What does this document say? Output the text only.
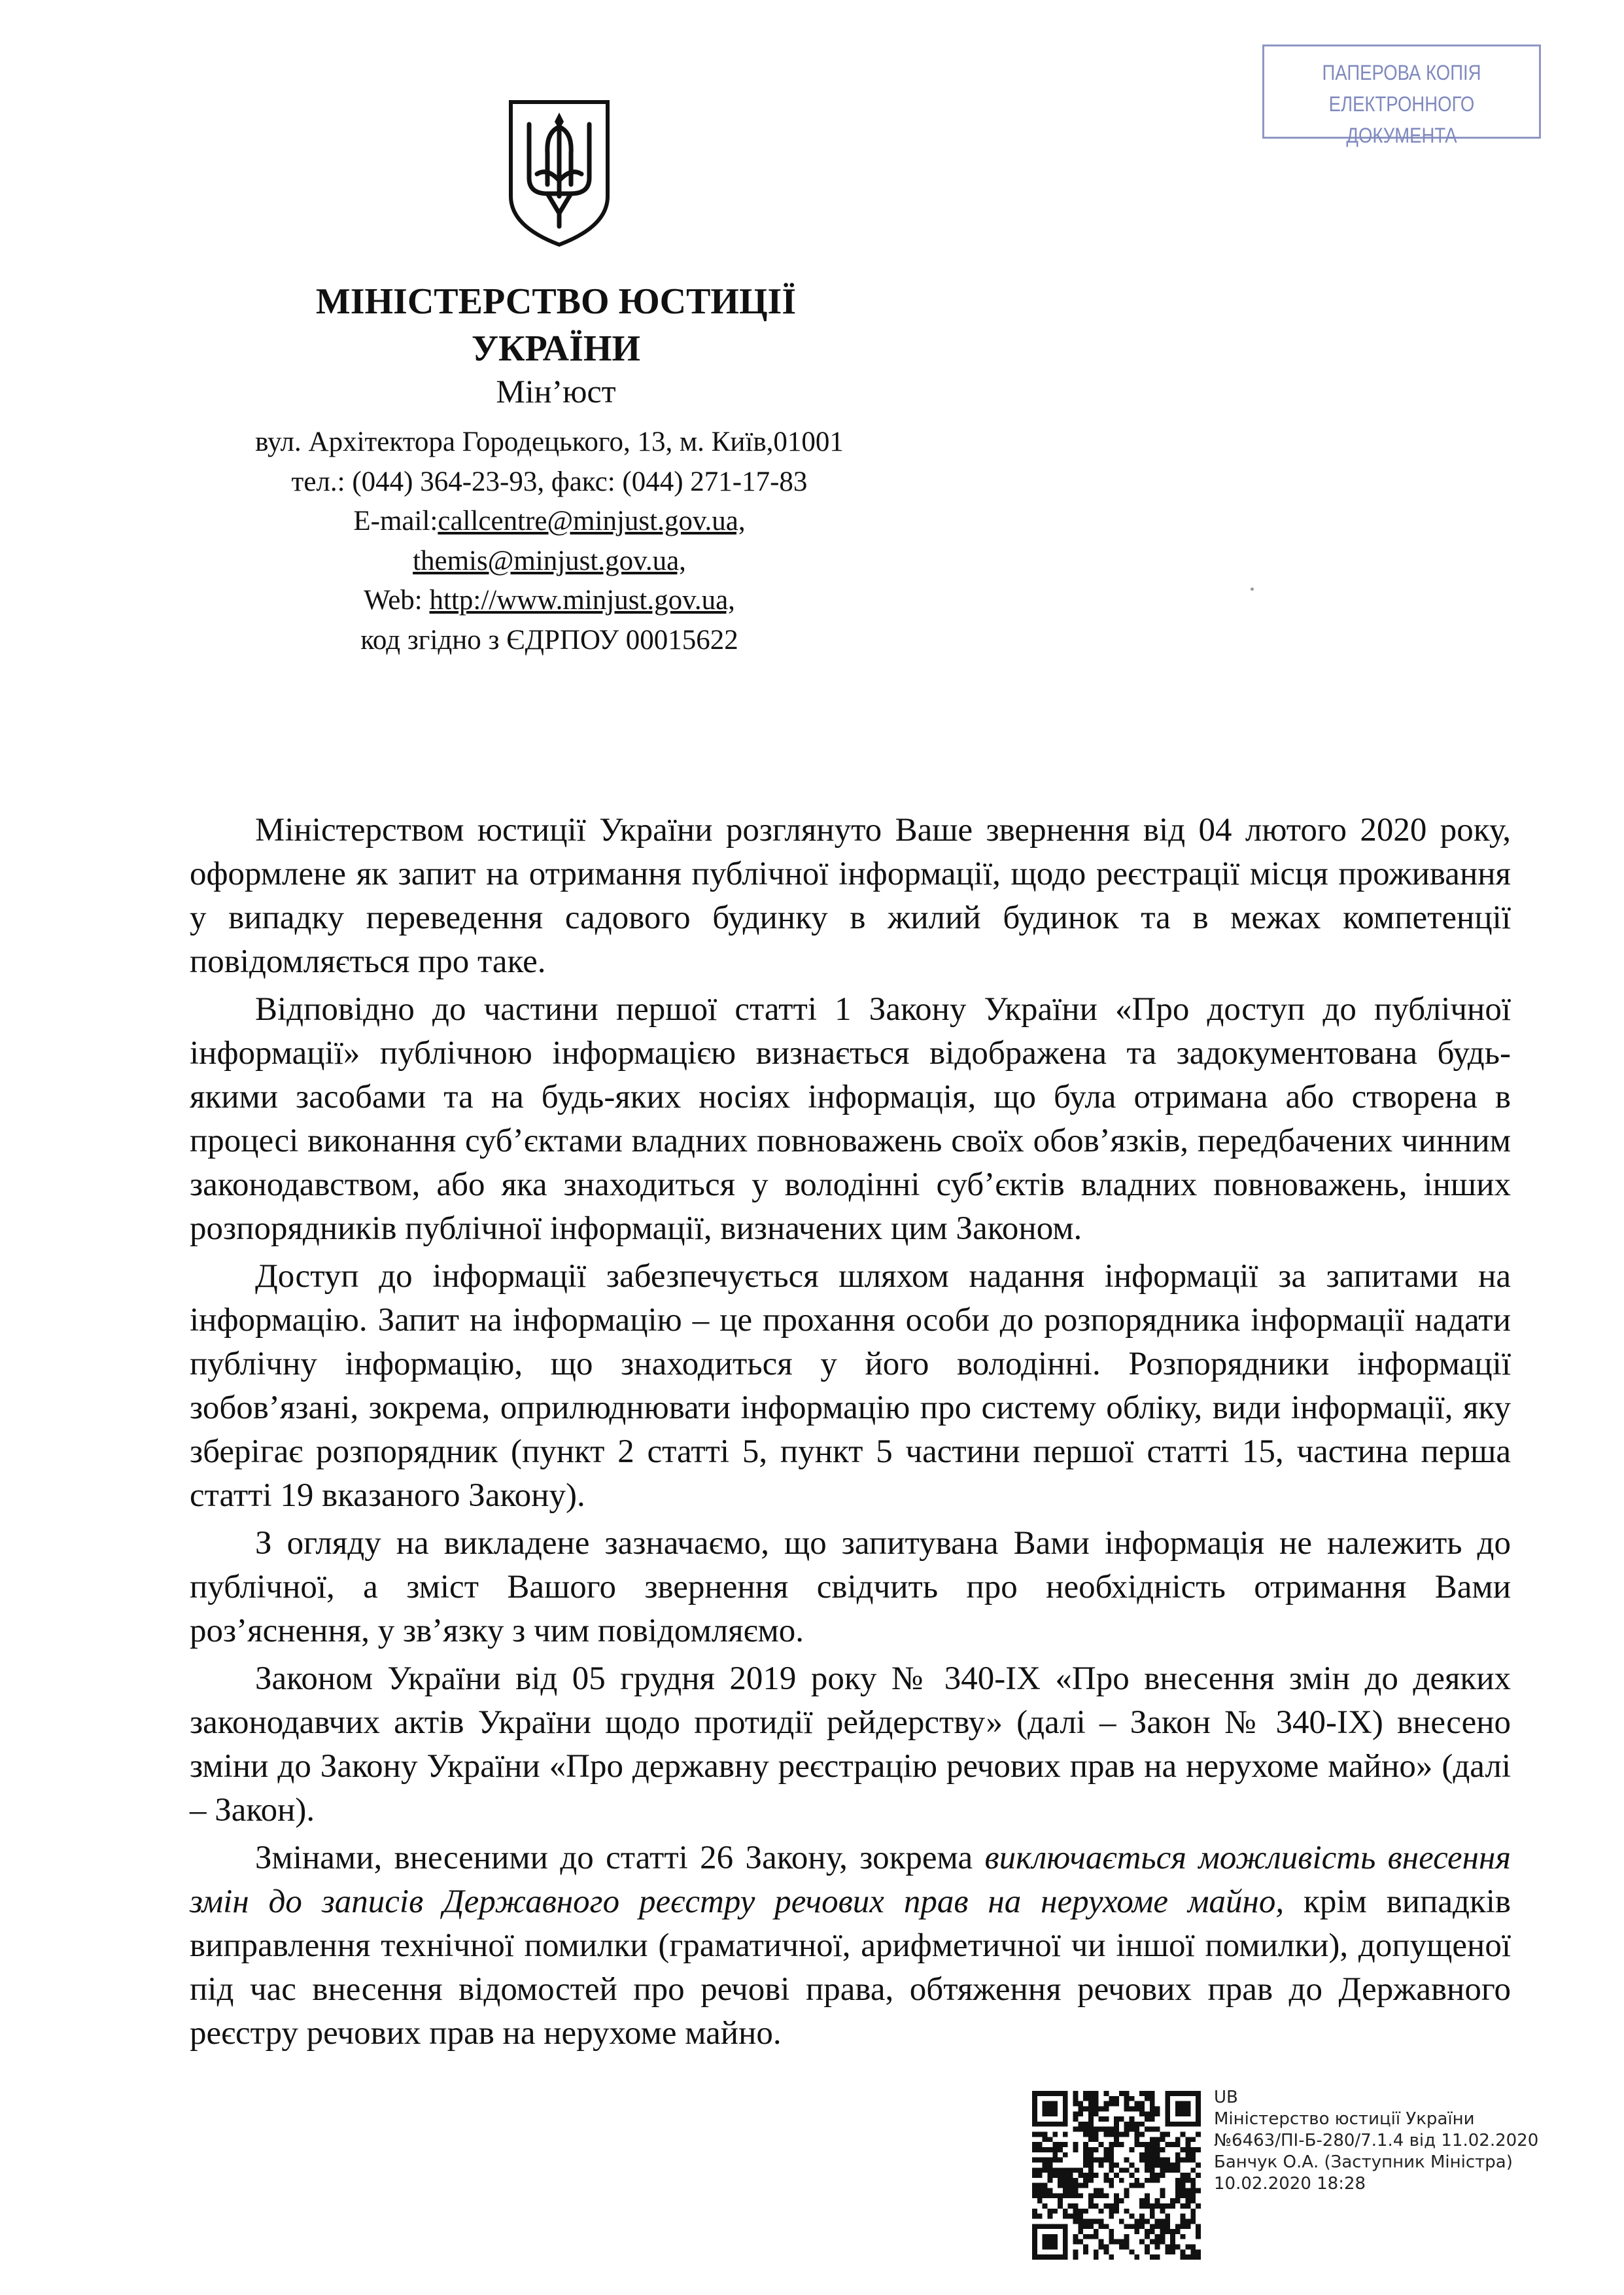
ПАПЕРОВА КОПІЯ
ЕЛЕКТРОННОГО ДОКУМЕНТА
МІНІСТЕРСТВО ЮСТИЦІЇ
УКРАЇНИ
Мін’юст
вул. Архітектора Городецького, 13, м. Київ,01001
тел.: (044) 364-23-93, факс: (044) 271-17-83
E-mail:callcentre@minjust.gov.ua,
themis@minjust.gov.ua,
Web: http://www.minjust.gov.ua,
код згідно з ЄДРПОУ 00015622

Міністерством юстиції України розглянуто Ваше звернення від 04 лютого 2020 року, оформлене як запит на отримання публічної інформації, щодо реєстрації місця проживання у випадку переведення садового будинку в жилий будинок та в межах компетенції повідомляється про таке.

Відповідно до частини першої статті 1 Закону України «Про доступ до публічної інформації» публічною інформацією визнається відображена та задокументована будь-якими засобами та на будь-яких носіях інформація, що була отримана або створена в процесі виконання суб’єктами владних повноважень своїх обов’язків, передбачених чинним законодавством, або яка знаходиться у володінні суб’єктів владних повноважень, інших розпорядників публічної інформації, визначених цим Законом.

Доступ до інформації забезпечується шляхом надання інформації за запитами на інформацію. Запит на інформацію – це прохання особи до розпорядника інформації надати публічну інформацію, що знаходиться у його володінні. Розпорядники інформації зобов’язані, зокрема, оприлюднювати інформацію про систему обліку, види інформації, яку зберігає розпорядник (пункт 2 статті 5, пункт 5 частини першої статті 15, частина перша статті 19 вказаного Закону).

З огляду на викладене зазначаємо, що запитувана Вами інформація не належить до публічної, а зміст Вашого звернення свідчить про необхідність отримання Вами роз’яснення, у зв’язку з чим повідомляємо.

Законом України від 05 грудня 2019 року № 340-IX «Про внесення змін до деяких законодавчих актів України щодо протидії рейдерству» (далі – Закон № 340-IX) внесено зміни до Закону України «Про державну реєстрацію речових прав на нерухоме майно» (далі – Закон).

Змінами, внесеними до статті 26 Закону, зокрема виключається можливість внесення змін до записів Державного реєстру речових прав на нерухоме майно, крім випадків виправлення технічної помилки (граматичної, арифметичної чи іншої помилки), допущеної під час внесення відомостей про речові права, обтяження речових прав до Державного реєстру речових прав на нерухоме майно.

UB
Міністерство юстиції України
№6463/ПІ-Б-280/7.1.4 від 11.02.2020
Банчук О.А. (Заступник Міністра)
10.02.2020 18:28
